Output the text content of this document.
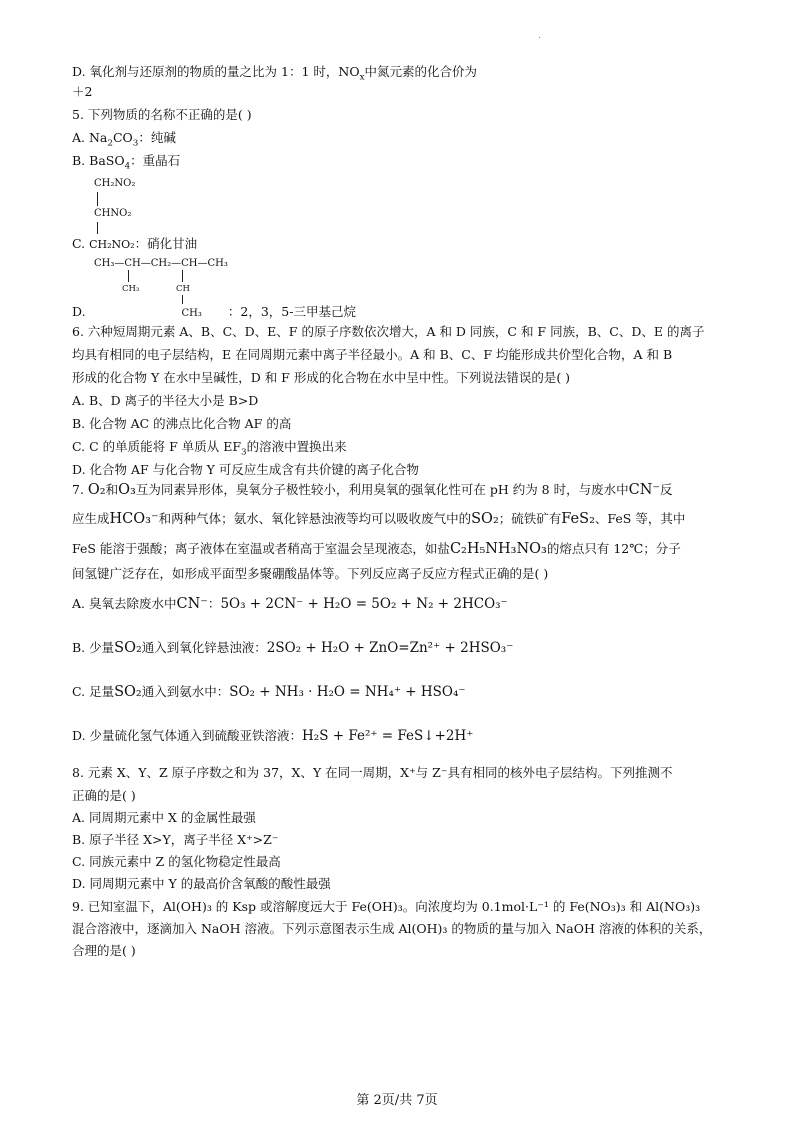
.
D. 氧化剂与还原剂的物质的量之比为 1：1 时，$NO_x$中氮元素的化合价为
＋2
5. 下列物质的名称不正确的是( )
A. $Na_2CO_3$：纯碱
B. BaSO$_4$：重晶石
CH₂NO₂
CHNO₂
C. CH₂NO₂：硝化甘油
CH₃—CH—CH₂—CH—CH₃
CH₃	CH
D.	CH₃ ：2，3，5-三甲基己烷
6. 六种短周期元素 A、B、C、D、E、F 的原子序数依次增大，A 和 D 同族，C 和 F 同族，B、C、D、E 的离子
均具有相同的电子层结构，E 在同周期元素中离子半径最小。A 和 B、C、F 均能形成共价型化合物，A 和 B
形成的化合物 Y 在水中呈碱性，D 和 F 形成的化合物在水中呈中性。下列说法错误的是( )
A. B、D 离子的半径大小是 B>D
B. 化合物 AC 的沸点比化合物 AF 的高
C. C 的单质能将 F 单质从 $EF_3$的溶液中置换出来
D. 化合物 AF 与化合物 Y 可反应生成含有共价键的离子化合物
7. O₂和O₃互为同素异形体，臭氧分子极性较小，利用臭氧的强氧化性可在 pH 约为 8 时，与废水中CN⁻反
应生成HCO₃⁻和两种气体；氨水、氧化锌悬浊液等均可以吸收废气中的SO₂；硫铁矿有FeS₂、FeS 等，其中
FeS 能溶于强酸；离子液体在室温或者稍高于室温会呈现液态，如盐C₂H₅NH₃NO₃的熔点只有 12℃；分子
间氢键广泛存在，如形成平面型多聚硼酸晶体等。下列反应离子反应方程式正确的是( )
A. 臭氧去除废水中CN⁻：5O₃ + 2CN⁻ + H₂O = 5O₂ + N₂ + 2HCO₃⁻
B. 少量SO₂通入到氧化锌悬浊液：2SO₂ + H₂O + ZnO=Zn²⁺ + 2HSO₃⁻
C. 足量SO₂通入到氨水中：SO₂ + NH₃ · H₂O = NH₄⁺ + HSO₄⁻
D. 少量硫化氢气体通入到硫酸亚铁溶液：H₂S + Fe²⁺ = FeS↓+2H⁺
8. 元素 X、Y、Z 原子序数之和为 37，X、Y 在同一周期，X⁺与 Z⁻具有相同的核外电子层结构。下列推测不
正确的是( )
A. 同周期元素中 X 的金属性最强
B. 原子半径 X>Y，离子半径 X⁺>Z⁻
C. 同族元素中 Z 的氢化物稳定性最高
D. 同周期元素中 Y 的最高价含氧酸的酸性最强
9. 已知室温下，Al(OH)₃ 的 Ksp 或溶解度远大于 Fe(OH)₃。向浓度均为 0.1mol·L⁻¹ 的 Fe(NO₃)₃ 和 Al(NO₃)₃
混合溶液中，逐滴加入 NaOH 溶液。下列示意图表示生成 Al(OH)₃ 的物质的量与加入 NaOH 溶液的体积的关系，
合理的是( )
第 2页/共 7页
